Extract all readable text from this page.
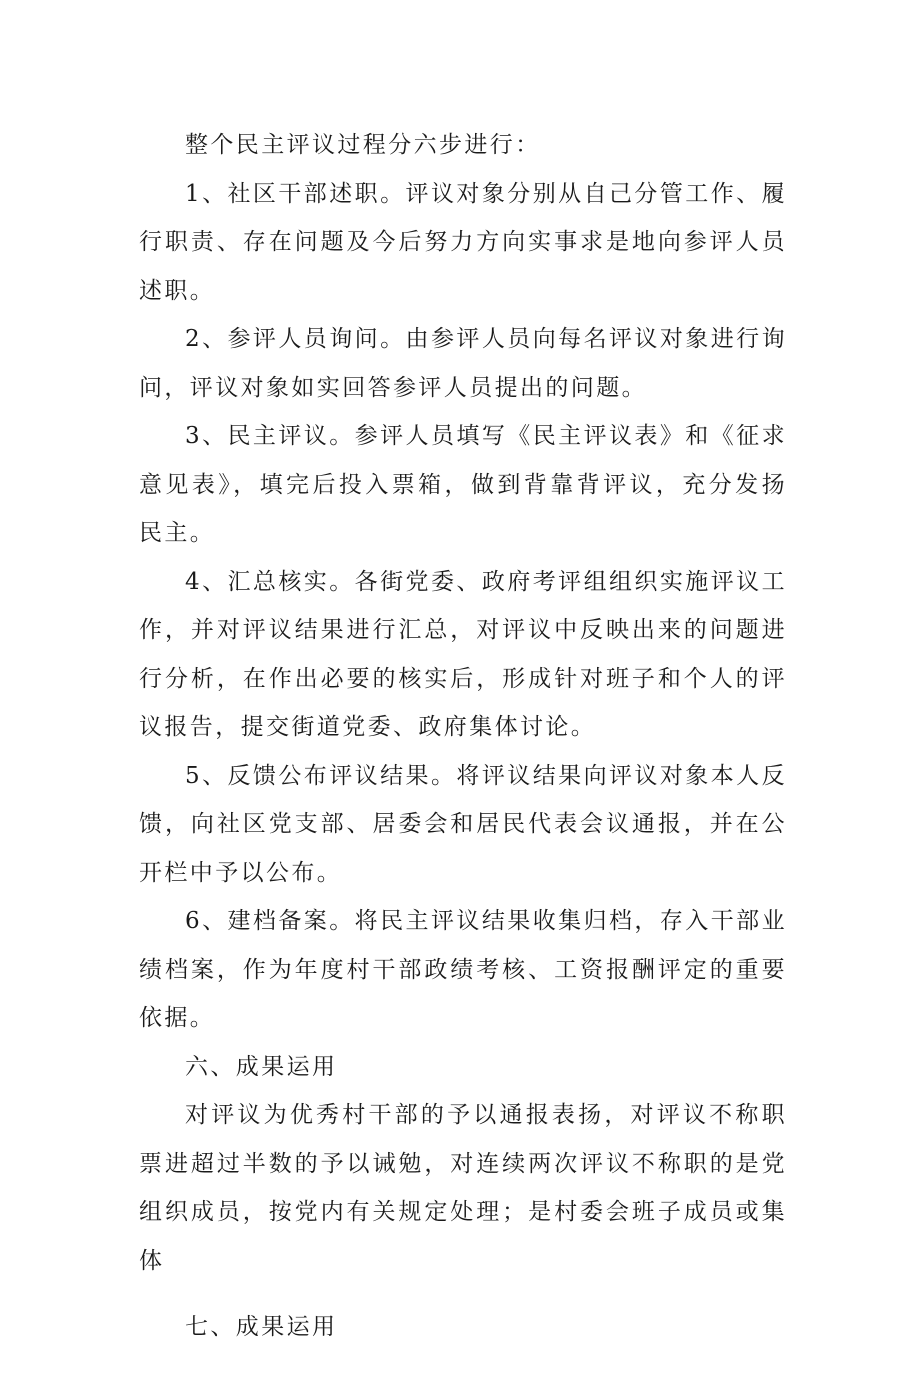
整个民主评议过程分六步进行：

1、社区干部述职。评议对象分别从自己分管工作、履行职责、存在问题及今后努力方向实事求是地向参评人员述职。

2、参评人员询问。由参评人员向每名评议对象进行询问，评议对象如实回答参评人员提出的问题。

3、民主评议。参评人员填写《民主评议表》和《征求意见表》，填完后投入票箱，做到背靠背评议，充分发扬民主。

4、汇总核实。各街党委、政府考评组组织实施评议工作，并对评议结果进行汇总，对评议中反映出来的问题进行分析，在作出必要的核实后，形成针对班子和个人的评议报告，提交街道党委、政府集体讨论。

5、反馈公布评议结果。将评议结果向评议对象本人反馈，向社区党支部、居委会和居民代表会议通报，并在公开栏中予以公布。

6、建档备案。将民主评议结果收集归档，存入干部业绩档案，作为年度村干部政绩考核、工资报酬评定的重要依据。

六、成果运用

对评议为优秀村干部的予以通报表扬，对评议不称职票进超过半数的予以诫勉，对连续两次评议不称职的是党组织成员，按党内有关规定处理；是村委会班子成员或集体

七、成果运用
